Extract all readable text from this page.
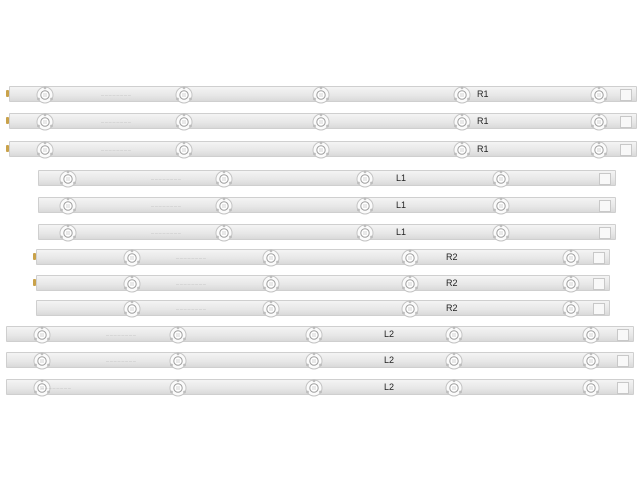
— — — — — — — —	R1
— — — — — — — —	R1
— — — — — — — —	R1
— — — — — — — —	L1
— — — — — — — —	L1
— — — — — — — —	L1
— — — — — — — —	R2
— — — — — — — —	R2
— — — — — — — —	R2
— — — — — — — —	L2
— — — — — — — —	L2
— — — — — — — —	L2
